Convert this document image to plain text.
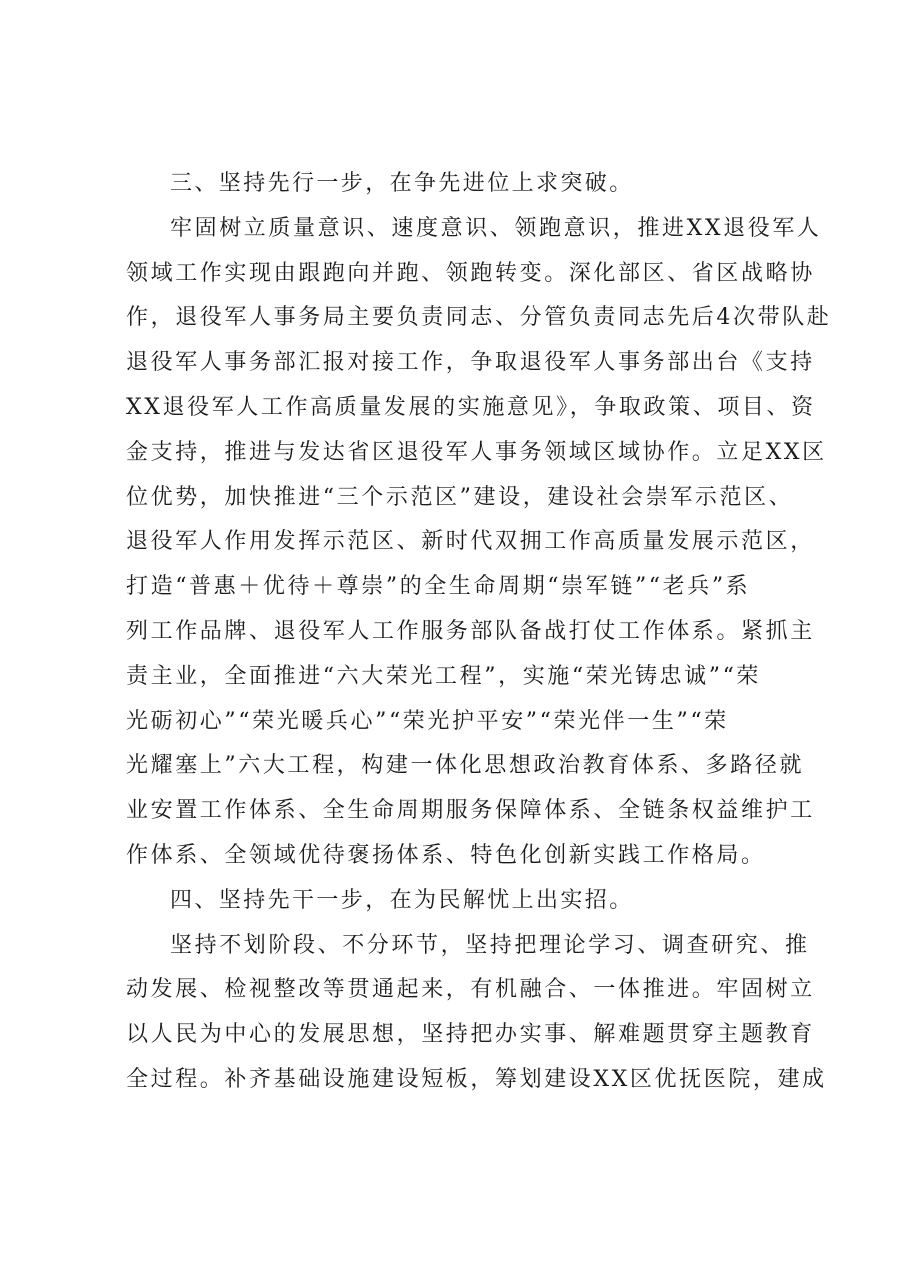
三、坚持先行一步，在争先进位上求突破。
牢固树立质量意识、速度意识、领跑意识，推进XX退役军人
领域工作实现由跟跑向并跑、领跑转变。深化部区、省区战略协
作，退役军人事务局主要负责同志、分管负责同志先后4次带队赴
退役军人事务部汇报对接工作，争取退役军人事务部出台《支持
XX退役军人工作高质量发展的实施意见》，争取政策、项目、资
金支持，推进与发达省区退役军人事务领域区域协作。立足XX区
位优势，加快推进“三个示范区”建设，建设社会崇军示范区、
退役军人作用发挥示范区、新时代双拥工作高质量发展示范区，
打造“普惠＋优待＋尊崇”的全生命周期“崇军链”“老兵”系
列工作品牌、退役军人工作服务部队备战打仗工作体系。紧抓主
责主业，全面推进“六大荣光工程”，实施“荣光铸忠诚”“荣
光砺初心”“荣光暖兵心”“荣光护平安”“荣光伴一生”“荣
光耀塞上”六大工程，构建一体化思想政治教育体系、多路径就
业安置工作体系、全生命周期服务保障体系、全链条权益维护工
作体系、全领域优待褒扬体系、特色化创新实践工作格局。
四、坚持先干一步，在为民解忧上出实招。
坚持不划阶段、不分环节，坚持把理论学习、调查研究、推
动发展、检视整改等贯通起来，有机融合、一体推进。牢固树立
以人民为中心的发展思想，坚持把办实事、解难题贯穿主题教育
全过程。补齐基础设施建设短板，筹划建设XX区优抚医院，建成
